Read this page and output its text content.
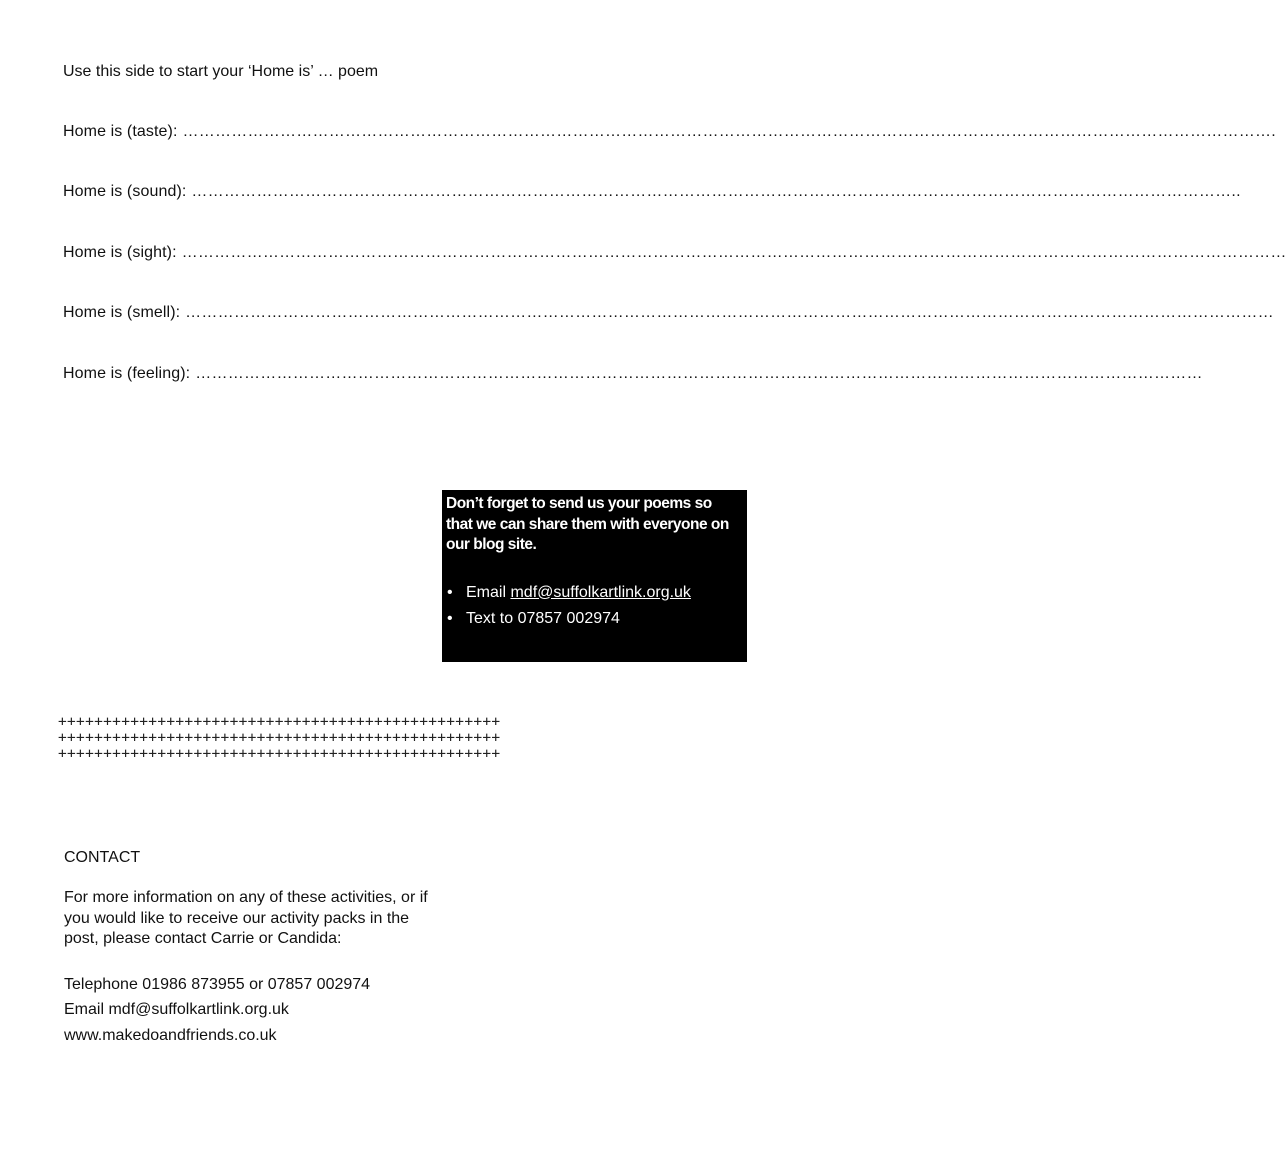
Use this side to start your ‘Home is’ … poem
Home is (taste): ………………………………………………………………………………………………………………………………………………………………………………….
Home is (sound): …………………………………………………………………………………………………………………………………………………………………………..
Home is (sight): ……………………………………………………………………………………………………………………………………………………………………………………
Home is (smell): …………………………………………………………………………………………………………………………………………………………………………………
Home is (feeling): ……………………………………………………………………………………………………………………………………………………………………

Don’t forget to send us your poems so that we can share them with everyone on our blog site.

• Email mdf@suffolkartlink.org.uk
• Text to 07857 002974
+++++++++++++++++++++++++++++++++++++++++++++++++
+++++++++++++++++++++++++++++++++++++++++++++++++
+++++++++++++++++++++++++++++++++++++++++++++++++
CONTACT
For more information on any of these activities, or if you would like to receive our activity packs in the post, please contact Carrie or Candida:
Telephone 01986 873955 or 07857 002974
Email mdf@suffolkartlink.org.uk
www.makedoandfriends.co.uk
